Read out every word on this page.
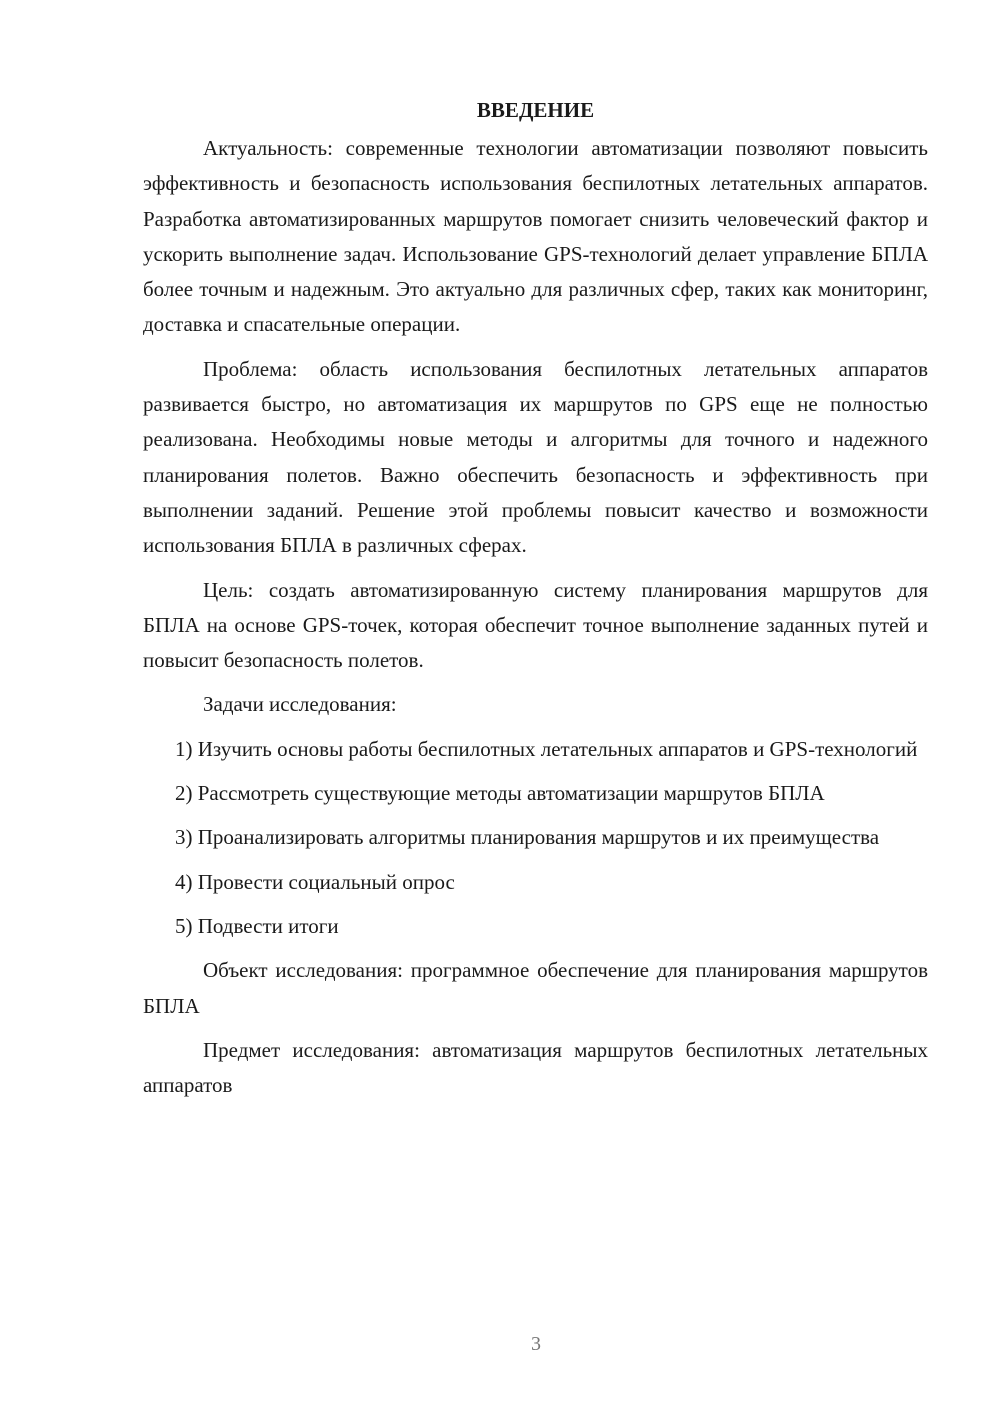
ВВЕДЕНИЕ

Актуальность: современные технологии автоматизации позволяют повысить эффективность и безопасность использования беспилотных летательных аппаратов. Разработка автоматизированных маршрутов помогает снизить человеческий фактор и ускорить выполнение задач. Использование GPS-технологий делает управление БПЛА более точным и надежным. Это актуально для различных сфер, таких как мониторинг, доставка и спасательные операции.

Проблема: область использования беспилотных летательных аппаратов развивается быстро, но автоматизация их маршрутов по GPS еще не полностью реализована. Необходимы новые методы и алгоритмы для точного и надежного планирования полетов. Важно обеспечить безопасность и эффективность при выполнении заданий. Решение этой проблемы повысит качество и возможности использования БПЛА в различных сферах.

Цель: создать автоматизированную систему планирования маршрутов для БПЛА на основе GPS-точек, которая обеспечит точное выполнение заданных путей и повысит безопасность полетов.

Задачи исследования:

1) Изучить основы работы беспилотных летательных аппаратов и GPS-технологий

2) Рассмотреть существующие методы автоматизации маршрутов БПЛА

3) Проанализировать алгоритмы планирования маршрутов и их преимущества

4) Провести социальный опрос

5) Подвести итоги

Объект исследования: программное обеспечение для планирования маршрутов БПЛА

Предмет исследования: автоматизация маршрутов беспилотных летательных аппаратов

3
